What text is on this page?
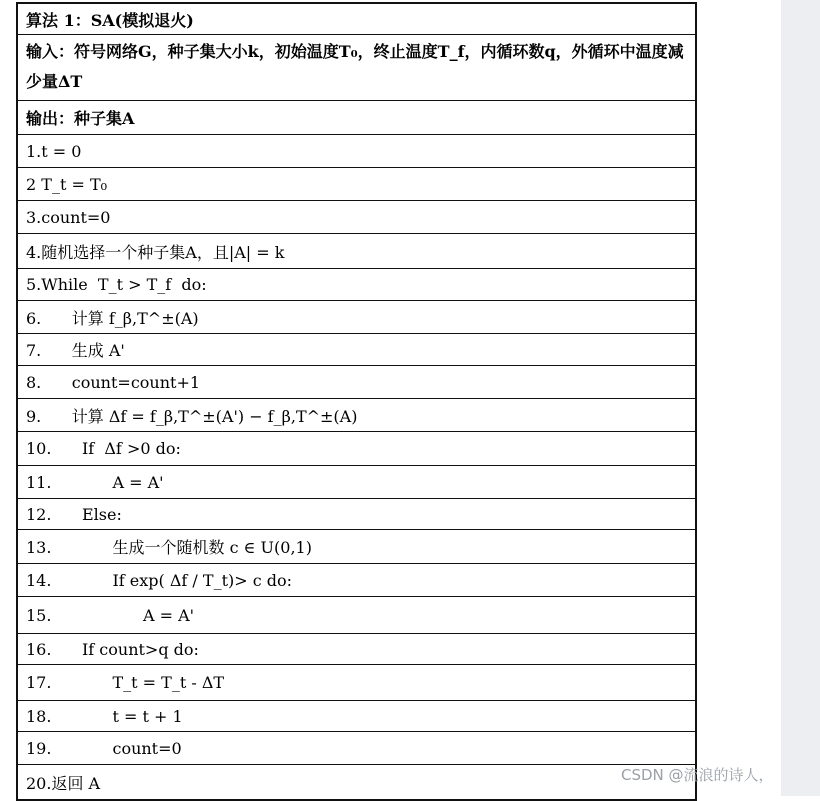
算法 1：SA(模拟退火)
输入：符号网络G，种子集大小k，初始温度T₀，终止温度T_f，内循环数q，外循环中温度减少量ΔT
输出：种子集A
1.t = 0
2 T_t = T₀
3.count=0
4.随机选择一个种子集A，且|A| = k
5.While  T_t > T_f  do:
6.      计算 f_β,T^±(A)
7.      生成 A'
8.      count=count+1
9.      计算 Δf = f_β,T^±(A') − f_β,T^±(A)
10.      If  Δf >0 do:
11.            A = A'
12.      Else:
13.            生成一个随机数 c ∈ U(0,1)
14.            If exp( Δf / T_t)> c do:
15.                  A = A'
16.      If count>q do:
17.            T_t = T_t - ΔT
18.            t = t + 1
19.            count=0
20.返回 A	CSDN @流浪的诗人，
